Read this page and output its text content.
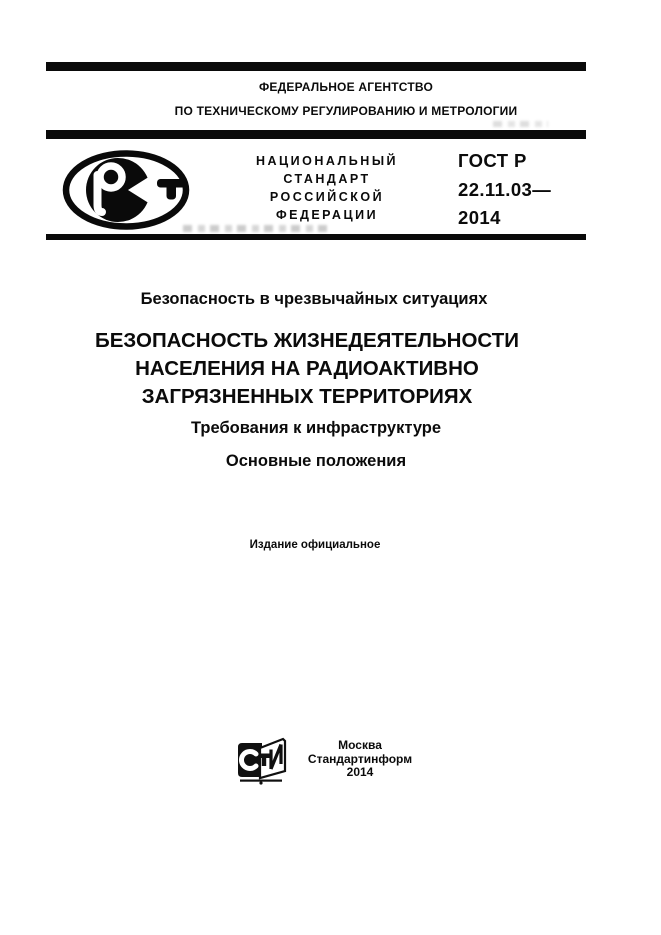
ФЕДЕРАЛЬНОЕ АГЕНТСТВО
ПО ТЕХНИЧЕСКОМУ РЕГУЛИРОВАНИЮ И МЕТРОЛОГИИ
НАЦИОНАЛЬНЫЙ
СТАНДАРТ
РОССИЙСКОЙ
ФЕДЕРАЦИИ
ГОСТ Р
22.11.03—
2014
Безопасность в чрезвычайных ситуациях
БЕЗОПАСНОСТЬ ЖИЗНЕДЕЯТЕЛЬНОСТИ
НАСЕЛЕНИЯ НА РАДИОАКТИВНО
ЗАГРЯЗНЕННЫХ ТЕРРИТОРИЯХ
Требования к инфраструктуре
Основные положения
Издание официальное
Москва
Стандартинформ
2014
